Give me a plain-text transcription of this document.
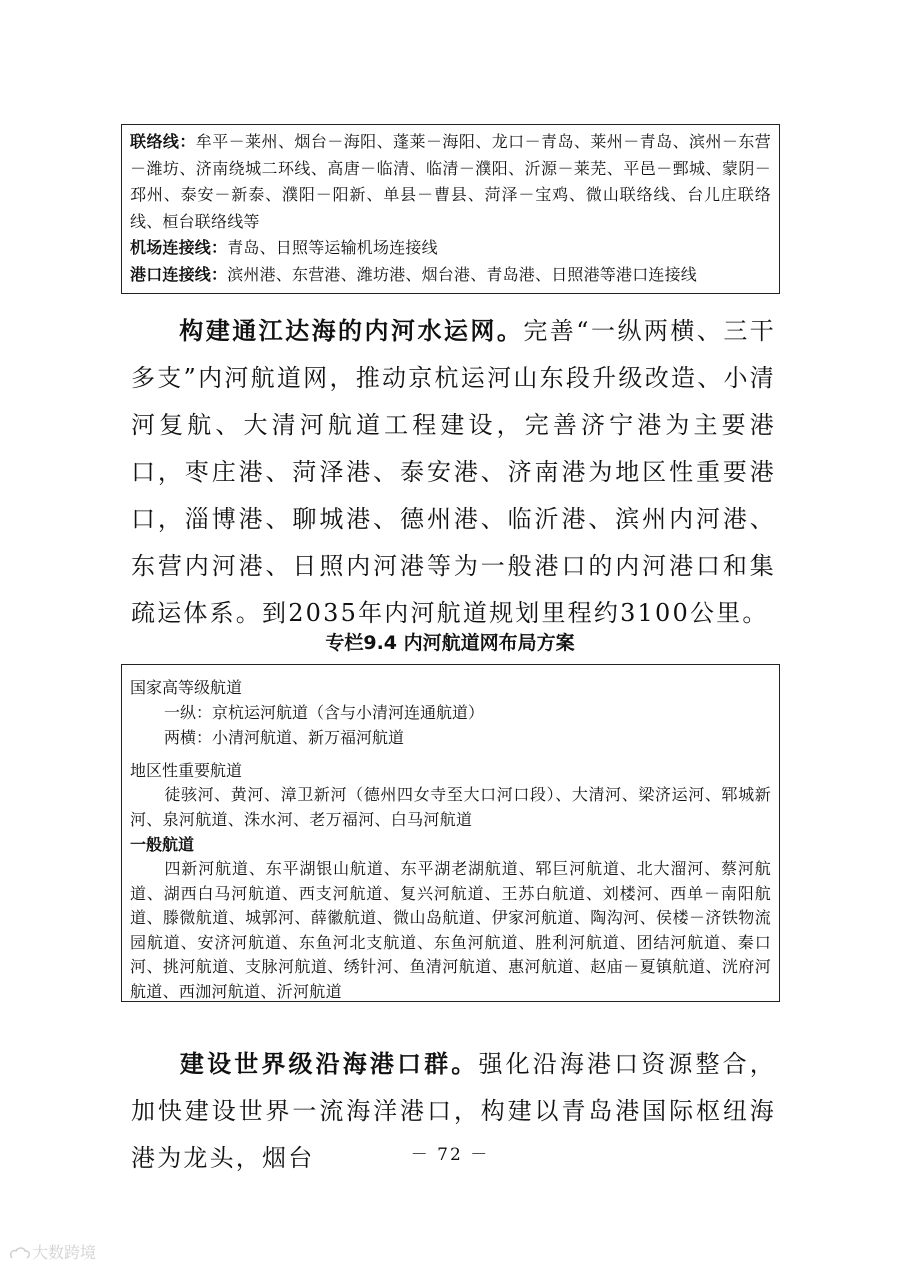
联络线：牟平－莱州、烟台－海阳、蓬莱－海阳、龙口－青岛、莱州－青岛、滨州－东营－潍坊、济南绕城二环线、高唐－临清、临清－濮阳、沂源－莱芜、平邑－鄄城、蒙阴－邳州、泰安－新泰、濮阳－阳新、单县－曹县、菏泽－宝鸡、微山联络线、台儿庄联络线、桓台联络线等
机场连接线：青岛、日照等运输机场连接线
港口连接线：滨州港、东营港、潍坊港、烟台港、青岛港、日照港等港口连接线
构建通江达海的内河水运网。完善“一纵两横、三干多支”内河航道网，推动京杭运河山东段升级改造、小清河复航、大清河航道工程建设，完善济宁港为主要港口，枣庄港、菏泽港、泰安港、济南港为地区性重要港口，淄博港、聊城港、德州港、临沂港、滨州内河港、东营内河港、日照内河港等为一般港口的内河港口和集疏运体系。到2035年内河航道规划里程约3100公里。
专栏9.4 内河航道网布局方案
国家高等级航道
一纵：京杭运河航道（含与小清河连通航道）
两横：小清河航道、新万福河航道
地区性重要航道
徒骇河、黄河、漳卫新河（德州四女寺至大口河口段）、大清河、梁济运河、郓城新河、泉河航道、洙水河、老万福河、白马河航道
一般航道
四新河航道、东平湖银山航道、东平湖老湖航道、郓巨河航道、北大溜河、蔡河航道、湖西白马河航道、西支河航道、复兴河航道、王苏白航道、刘楼河、西单－南阳航道、滕微航道、城郭河、薛徽航道、微山岛航道、伊家河航道、陶沟河、侯楼－济铁物流园航道、安济河航道、东鱼河北支航道、东鱼河航道、胜利河航道、团结河航道、秦口河、挑河航道、支脉河航道、绣针河、鱼清河航道、惠河航道、赵庙－夏镇航道、洸府河航道、西泇河航道、沂河航道
建设世界级沿海港口群。强化沿海港口资源整合，加快建设世界一流海洋港口，构建以青岛港国际枢纽海港为龙头，烟台	－ 72 －
大数跨境
